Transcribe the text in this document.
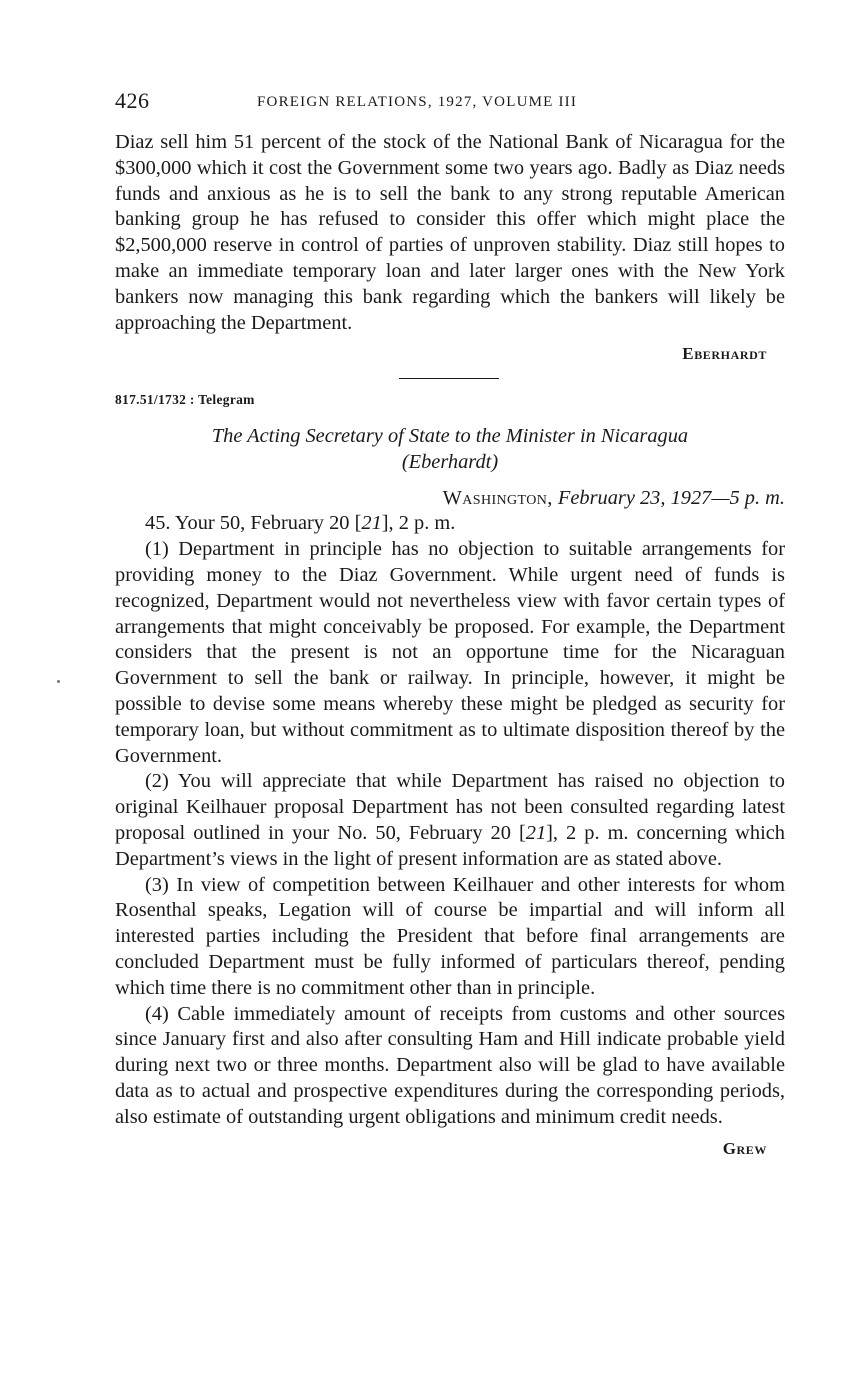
426	FOREIGN RELATIONS, 1927, VOLUME III

Diaz sell him 51 percent of the stock of the National Bank of Nicaragua for the $300,000 which it cost the Government some two years ago. Badly as Diaz needs funds and anxious as he is to sell the bank to any strong reputable American banking group he has refused to consider this offer which might place the $2,500,000 reserve in control of parties of unproven stability. Diaz still hopes to make an immediate temporary loan and later larger ones with the New York bankers now managing this bank regarding which the bankers will likely be approaching the Department.

Eberhardt
817.51/1732 : Telegram
The Acting Secretary of State to the Minister in Nicaragua
(Eberhardt)
Washington, February 23, 1927—5 p. m.

45. Your 50, February 20 [21], 2 p. m.

(1) Department in principle has no objection to suitable arrangements for providing money to the Diaz Government. While urgent need of funds is recognized, Department would not nevertheless view with favor certain types of arrangements that might conceivably be proposed. For example, the Department considers that the present is not an opportune time for the Nicaraguan Government to sell the bank or railway. In principle, however, it might be possible to devise some means whereby these might be pledged as security for temporary loan, but without commitment as to ultimate disposition thereof by the Government.

(2) You will appreciate that while Department has raised no objection to original Keilhauer proposal Department has not been consulted regarding latest proposal outlined in your No. 50, February 20 [21], 2 p. m. concerning which Department’s views in the light of present information are as stated above.

(3) In view of competition between Keilhauer and other interests for whom Rosenthal speaks, Legation will of course be impartial and will inform all interested parties including the President that before final arrangements are concluded Department must be fully informed of particulars thereof, pending which time there is no commitment other than in principle.

(4) Cable immediately amount of receipts from customs and other sources since January first and also after consulting Ham and Hill indicate probable yield during next two or three months. Department also will be glad to have available data as to actual and prospective expenditures during the corresponding periods, also estimate of outstanding urgent obligations and minimum credit needs.

Grew
